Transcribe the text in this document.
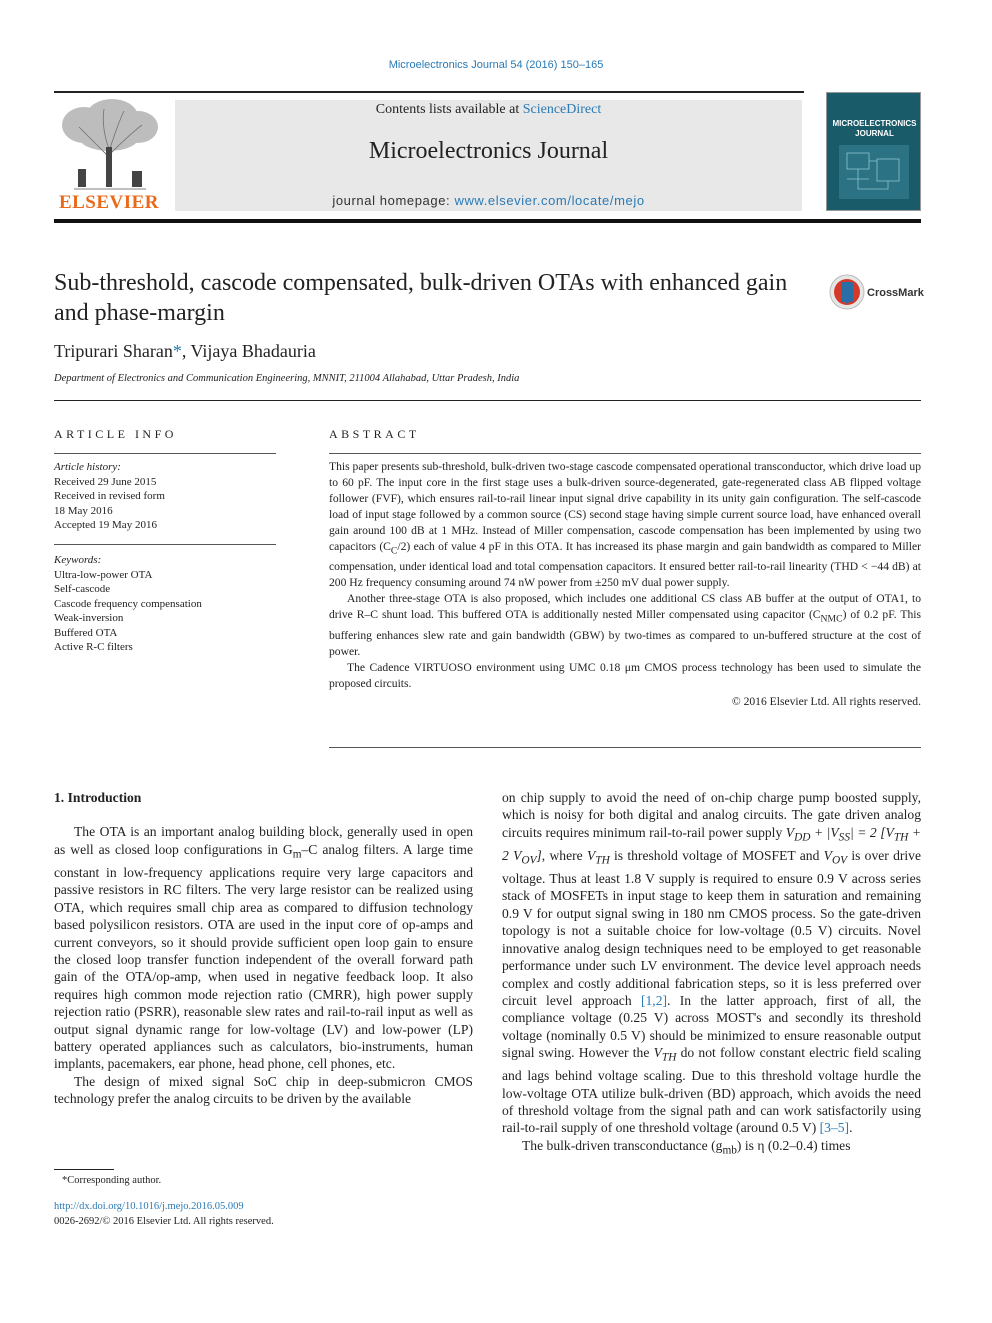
Microelectronics Journal 54 (2016) 150–165
ELSEVIER
Contents lists available at ScienceDirect
Microelectronics Journal
journal homepage: www.elsevier.com/locate/mejo
MICROELECTRONICS
JOURNAL
Sub-threshold, cascode compensated, bulk-driven OTAs with enhanced gain and phase-margin
CrossMark
Tripurari Sharan*, Vijaya Bhadauria
Department of Electronics and Communication Engineering, MNNIT, 211004 Allahabad, Uttar Pradesh, India
ARTICLE INFO
Article history:
Received 29 June 2015
Received in revised form
18 May 2016
Accepted 19 May 2016
Keywords:
Ultra-low-power OTA
Self-cascode
Cascode frequency compensation
Weak-inversion
Buffered OTA
Active R-C filters
ABSTRACT

This paper presents sub-threshold, bulk-driven two-stage cascode compensated operational transconductor, which drive load up to 60 pF. The input core in the first stage uses a bulk-driven source-degenerated, gate-regenerated class AB flipped voltage follower (FVF), which ensures rail-to-rail linear input signal drive capability in its unity gain configuration. The self-cascode load of input stage followed by a common source (CS) second stage having simple current source load, have enhanced overall gain around 100 dB at 1 MHz. Instead of Miller compensation, cascode compensation has been implemented by using two capacitors $(C_C/2)$ each of value 4 pF in this OTA. It has increased its phase margin and gain bandwidth as compared to Miller compensation, under identical load and total compensation capacitors. It ensured better rail-to-rail linearity (THD < −44 dB) at 200 Hz frequency consuming around 74 nW power from ±250 mV dual power supply.

Another three-stage OTA is also proposed, which includes one additional CS class AB buffer at the output of OTA1, to drive R–C shunt load. This buffered OTA is additionally nested Miller compensated using capacitor $(C_{NMC})$ of 0.2 pF. This buffering enhances slew rate and gain bandwidth (GBW) by two-times as compared to un-buffered structure at the cost of power.

The Cadence VIRTUOSO environment using UMC 0.18 μm CMOS process technology has been used to simulate the proposed circuits.

© 2016 Elsevier Ltd. All rights reserved.

1. Introduction

The OTA is an important analog building block, generally used in open as well as closed loop configurations in $G_m-C$ analog filters. A large time constant in low-frequency applications require very large capacitors and passive resistors in RC filters. The very large resistor can be realized using OTA, which requires small chip area as compared to diffusion technology based polysilicon resistors. OTA are used in the input core of op-amps and current conveyors, so it should provide sufficient open loop gain to ensure the closed loop transfer function independent of the overall forward path gain of the OTA/op-amp, when used in negative feedback loop. It also requires high common mode rejection ratio (CMRR), high power supply rejection ratio (PSRR), reasonable slew rates and rail-to-rail input as well as output signal dynamic range for low-voltage (LV) and low-power (LP) battery operated appliances such as calculators, bio-instruments, human implants, pacemakers, ear phone, head phone, cell phones, etc.

The design of mixed signal SoC chip in deep-submicron CMOS technology prefer the analog circuits to be driven by the available

on chip supply to avoid the need of on-chip charge pump boosted supply, which is noisy for both digital and analog circuits. The gate driven analog circuits requires minimum rail-to-rail power supply $V_{DD} + |V_{SS}| = 2$ [$V_{TH} + 2$ $V_{OV}$], where $V_{TH}$ is threshold voltage of MOSFET and $V_{OV}$ is over drive voltage. Thus at least 1.8 V supply is required to ensure 0.9 V across series stack of MOSFETs in input stage to keep them in saturation and remaining 0.9 V for output signal swing in 180 nm CMOS process. So the gate-driven topology is not a suitable choice for low-voltage (0.5 V) circuits. Novel innovative analog design techniques need to be employed to get reasonable performance under such LV environment. The device level approach needs complex and costly additional fabrication steps, so it is less preferred over circuit level approach [1,2]. In the latter approach, first of all, the compliance voltage (0.25 V) across MOST's and secondly its threshold voltage (nominally 0.5 V) should be minimized to ensure reasonable output signal swing. However the $V_{TH}$ do not follow constant electric field scaling and lags behind voltage scaling. Due to this threshold voltage hurdle the low-voltage OTA utilize bulk-driven (BD) approach, which avoids the need of threshold voltage from the signal path and can work satisfactorily using rail-to-rail supply of one threshold voltage (around 0.5 V) [3–5].

The bulk-driven transconductance $(g_{mb})$ is η (0.2–0.4) times

*Corresponding author.
http://dx.doi.org/10.1016/j.mejo.2016.05.009
0026-2692/© 2016 Elsevier Ltd. All rights reserved.
